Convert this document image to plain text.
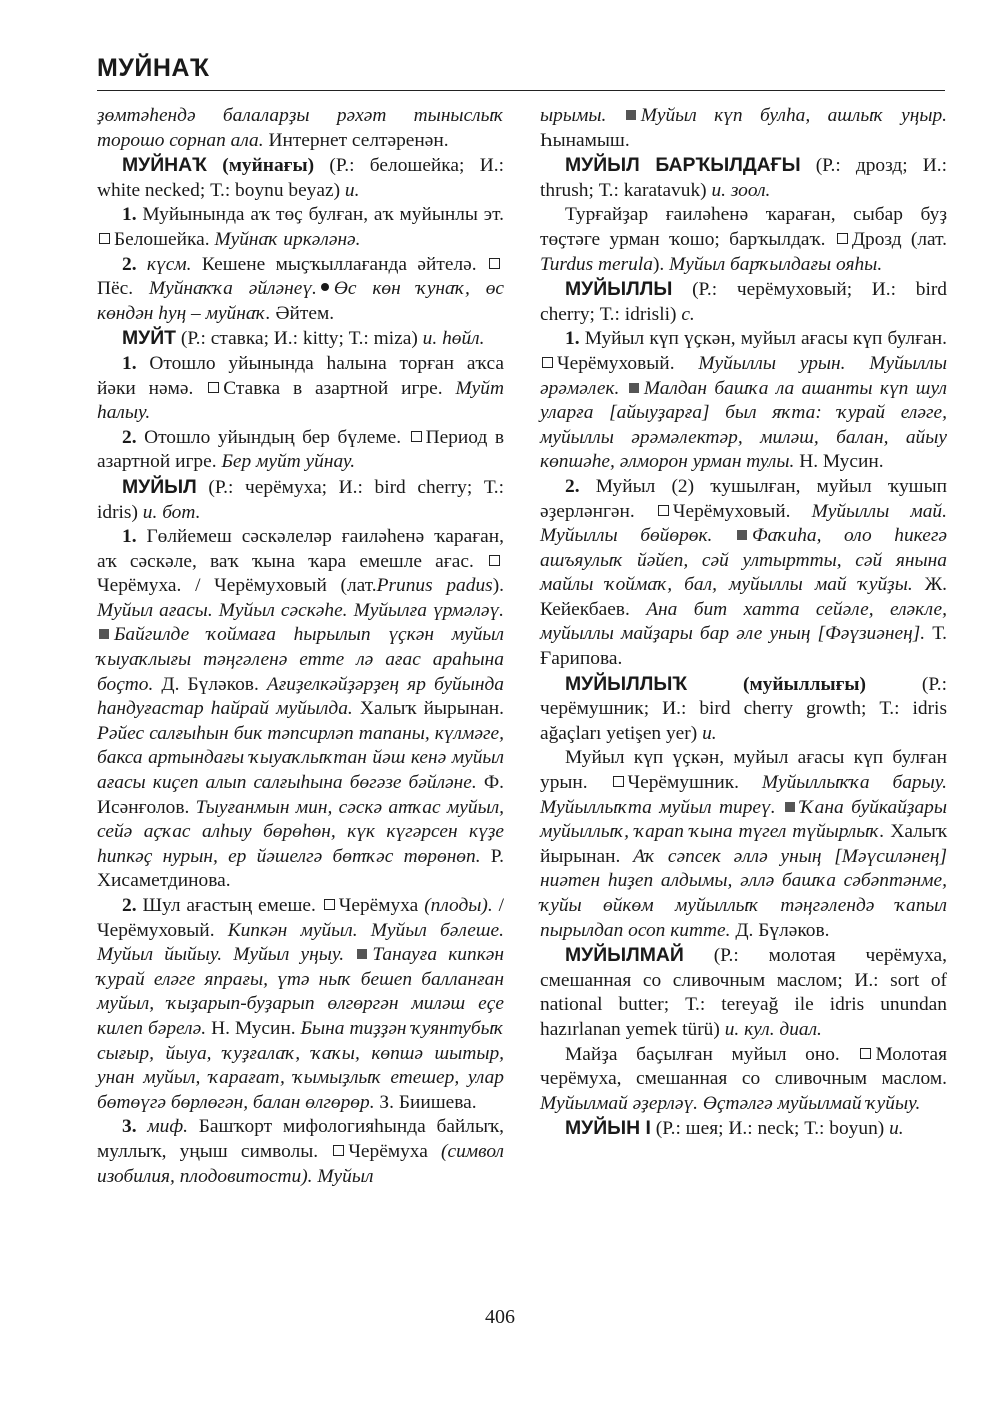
МУЙНАҠ

ҙөмтәһендә балаларҙы рәхәт тыныслыҡ торошо сорнап ала. Интернет селтәренән.

МУЙНАҠ (муйнағы) (Р.: белошейка; И.: white necked; Т.: boynu beyaz) и.

1. Муйынында аҡ төҫ булған, аҡ муйынлы эт. Белошейка. Муйнаҡ иркәләнә.

2. күсм. Кешене мыҫҡыллағанда әйтелә. Пёс. Муйнаҡҡа әйләнеү. Өс көн ҡунаҡ, өс көндән һуң – муйнаҡ. Әйтем.

МУЙТ (Р.: ставка; И.: kitty; Т.: miza) и. һөйл.

1. Отошло уйынында һалына торған аҡса йәки нәмә. Ставка в азартной игре. Муйт һалыу.

2. Отошло уйындың бер бүлеме. Период в азартной игре. Бер муйт уйнау.

МУЙЫЛ (Р.: черёмуха; И.: bird cherry; Т.: idris) и. бот.

1. Гөлйемеш сәскәлеләр ғаиләһенә ҡараған, аҡ сәскәле, ваҡ ҡына ҡара емешле ағас. Черёмуха. / Черёмуховый (лат.Prunus padus). Муйыл ағасы. Муйыл сәскәһе. Муйылға үрмәләү. Байгилде ҡоймаға һырылып үҫкән муйыл ҡыуаҡлығы тәңгәленә етте лә ағас араһына боҫто. Д. Бүләков. Ағиҙелкәйҙәрҙең яр буйында һандуғастар һайрай муйылда. Халыҡ йырынан. Рәйес салғыһын бик тәпсирләп тапаны, күлмәге, бакса артындағы ҡыуаҡлыҡтан йәш кенә муйыл ағасы киҫеп алып салғыһына бөгәзе бәйләне. Ф. Исәнғолов. Тыуғанмын мин, сәскә атҡас муйыл, сейә аҫҡас алһыу бөрөһөн, күк күгәрсен күҙе һипкәҫ нурын, ер йәшелгә бөтҡәс төрөнөп. Р. Хисаметдинова.

2. Шул ағастың емеше. Черёмуха (плоды). / Черёмуховый. Кипкән муйыл. Муйыл бәлеше. Муйыл йыйыу. Муйыл уңыу. Танауға кипкән ҡурай еләге япрағы, үтә ныҡ бешеп балланған муйыл, ҡыҙарып-буҙарып өлгөргән миләш еҫе килеп бәрелә. Н. Мусин. Бына тиҙҙән ҡуянтубыҡ сығыр, йыуа, ҡуҙғалаҡ, ҡаҡы, көпшә шытыр, унан муйыл, ҡарағат, ҡымыҙлыҡ етешер, улар бөтөүгә бөрлөгән, балан өлгөрөр. З. Биишева.

3. миф. Башҡорт мифологияһында байлыҡ, муллыҡ, уңыш символы. Черёмуха (символ изобилия, плодовитости). Муйыл

ырымы. Муйыл күп булһа, ашлыҡ уңыр. Һынамыш.

МУЙЫЛ БАРҠЫЛДАҒЫ (Р.: дрозд; И.: thrush; Т.: karatavuk) и. зоол.

Турғайҙар ғаиләһенә ҡараған, сыбар буҙ төҫтәге урман ҡошо; барҡылдаҡ. Дрозд (лат. Turdus merula). Муйыл барҡылдағы ояһы.

МУЙЫЛЛЫ (Р.: черёмуховый; И.: bird cherry; Т.: idrisli) с.

1. Муйыл күп үҫкән, муйыл ағасы күп булған. Черёмуховый. Муйыллы урын. Муйыллы әрәмәлек. Малдан башҡа ла ашанты күп шул уларға [айыуҙарға] был яҡта: ҡурай еләге, муйыллы әрәмәлектәр, миләш, балан, айыу көпшәһе, әлморон урман тулы. Н. Мусин.

2. Муйыл (2) ҡушылған, муйыл ҡушып әҙерләнгән. Черёмуховый. Муйыллы май. Муйыллы бөйөрөк. Фаҡиһа, оло һикегә ашъяулыҡ йәйеп, сәй ултыртты, сәй янына майлы ҡоймаҡ, бал, муйыллы май ҡуйҙы. Ж. Кейекбаев. Ана бит хатта сейәле, еләкле, муйыллы майҙары бар әле уның [Фәүзиәнең]. Т. Ғарипова.

МУЙЫЛЛЫҠ	(муйыллығы)	(Р.: черёмушник; И.: bird cherry growth; Т.: idris ağaçları yetişen yer) и.

Муйыл күп үҫкән, муйыл ағасы күп булған урын. Черёмушник. Муйыллыҡҡа барыу. Муйыллыҡта муйыл тиреү. Ҡана буйкайҙары муйыллыҡ, ҡарап ҡына түгел түйырлыҡ. Халыҡ йырынан. Аҡ сәпсек әллә уның [Мәүсиләнең] ниәтен һиҙеп алдымы, әллә башҡа сәбәптәнме, ҡуйы өйкөм муйыллыҡ тәңгәлендә ҡапыл пырылдап осоп китте. Д. Бүләков.

МУЙЫЛМАЙ (Р.: молотая черёмуха, смешанная со сливочным маслом; И.: sort of national butter; Т.: tereyağ ile idris unundan hazırlanan yemek türü) и. кул. диал.

Майҙа баҫылған муйыл оно. Молотая черёмуха, смешанная со сливочным маслом. Муйылмай әҙерләү. Өҫтәлгә муйылмай ҡуйыу.

МУЙЫН I (Р.: шея; И.: neck; Т.: boyun) и.

406
